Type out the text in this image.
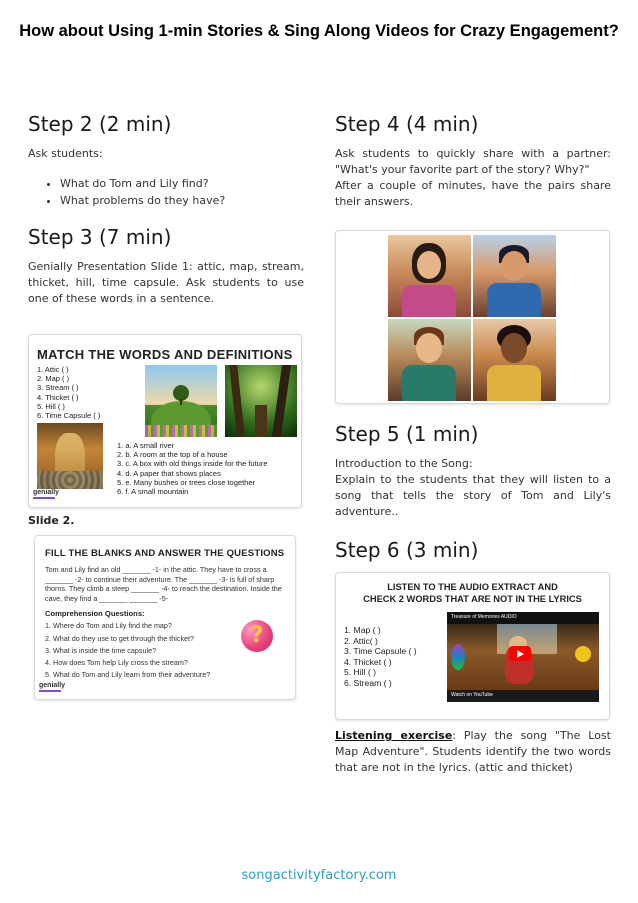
How about Using 1-min Stories & Sing Along Videos for Crazy Engagement?
Step 2 (2 min)

Ask students:

• What do Tom and Lily find?
• What problems do they have?
Step 3 (7 min)

Genially Presentation Slide 1: attic, map, stream, thicket, hill, time capsule. Ask students to use one of these words in a sentence.

MATCH THE WORDS AND DEFINITIONS
1. Attic ( )
2. Map ( )
3. Stream ( )
4. Thicket ( )
5. Hill ( )
6. Time Capsule ( )
1. a. A small river
2. b. A room at the top of a house
3. c. A box with old things inside for the future
4. d. A paper that shows places
5. e. Many bushes or trees close together
6. f. A small mountain
genially
Slide 2.
FILL THE BLANKS AND ANSWER THE QUESTIONS
Tom and Lily find an old _______ -1- in the attic. They have to cross a _______ -2- to continue their adventure. The _______ -3- is full of sharp thorns. They climb a steep _______ -4- to reach the destination. Inside the cave, they find a _______ _______ -5-
Comprehension Questions:
1. Where do Tom and Lily find the map?
2. What do they use to get through the thicket?
3. What is inside the time capsule?
4. How does Tom help Lily cross the stream?
5. What do Tom and Lily learn from their adventure?
?
genially
Step 4 (4 min)

Ask students to quickly share with a partner: "What's your favorite part of the story? Why?"

After a couple of minutes, have the pairs share their answers.

Step 5 (1 min)

Introduction to the Song:

Explain to the students that they will listen to a song that tells the story of Tom and Lily's adventure..

Step 6 (3 min)
LISTEN TO THE AUDIO EXTRACT AND
CHECK 2 WORDS THAT ARE NOT IN THE LYRICS
1. Map ( )
2. Attic( )
3. Time Capsule ( )
4. Thicket ( )
5. Hill ( )
6. Stream ( )
Treasure of Memories AUDIO
Watch on YouTube

Listening exercise: Play the song "The Lost Map Adventure". Students identify the two words that are not in the lyrics. (attic and thicket)

songactivityfactory.com
